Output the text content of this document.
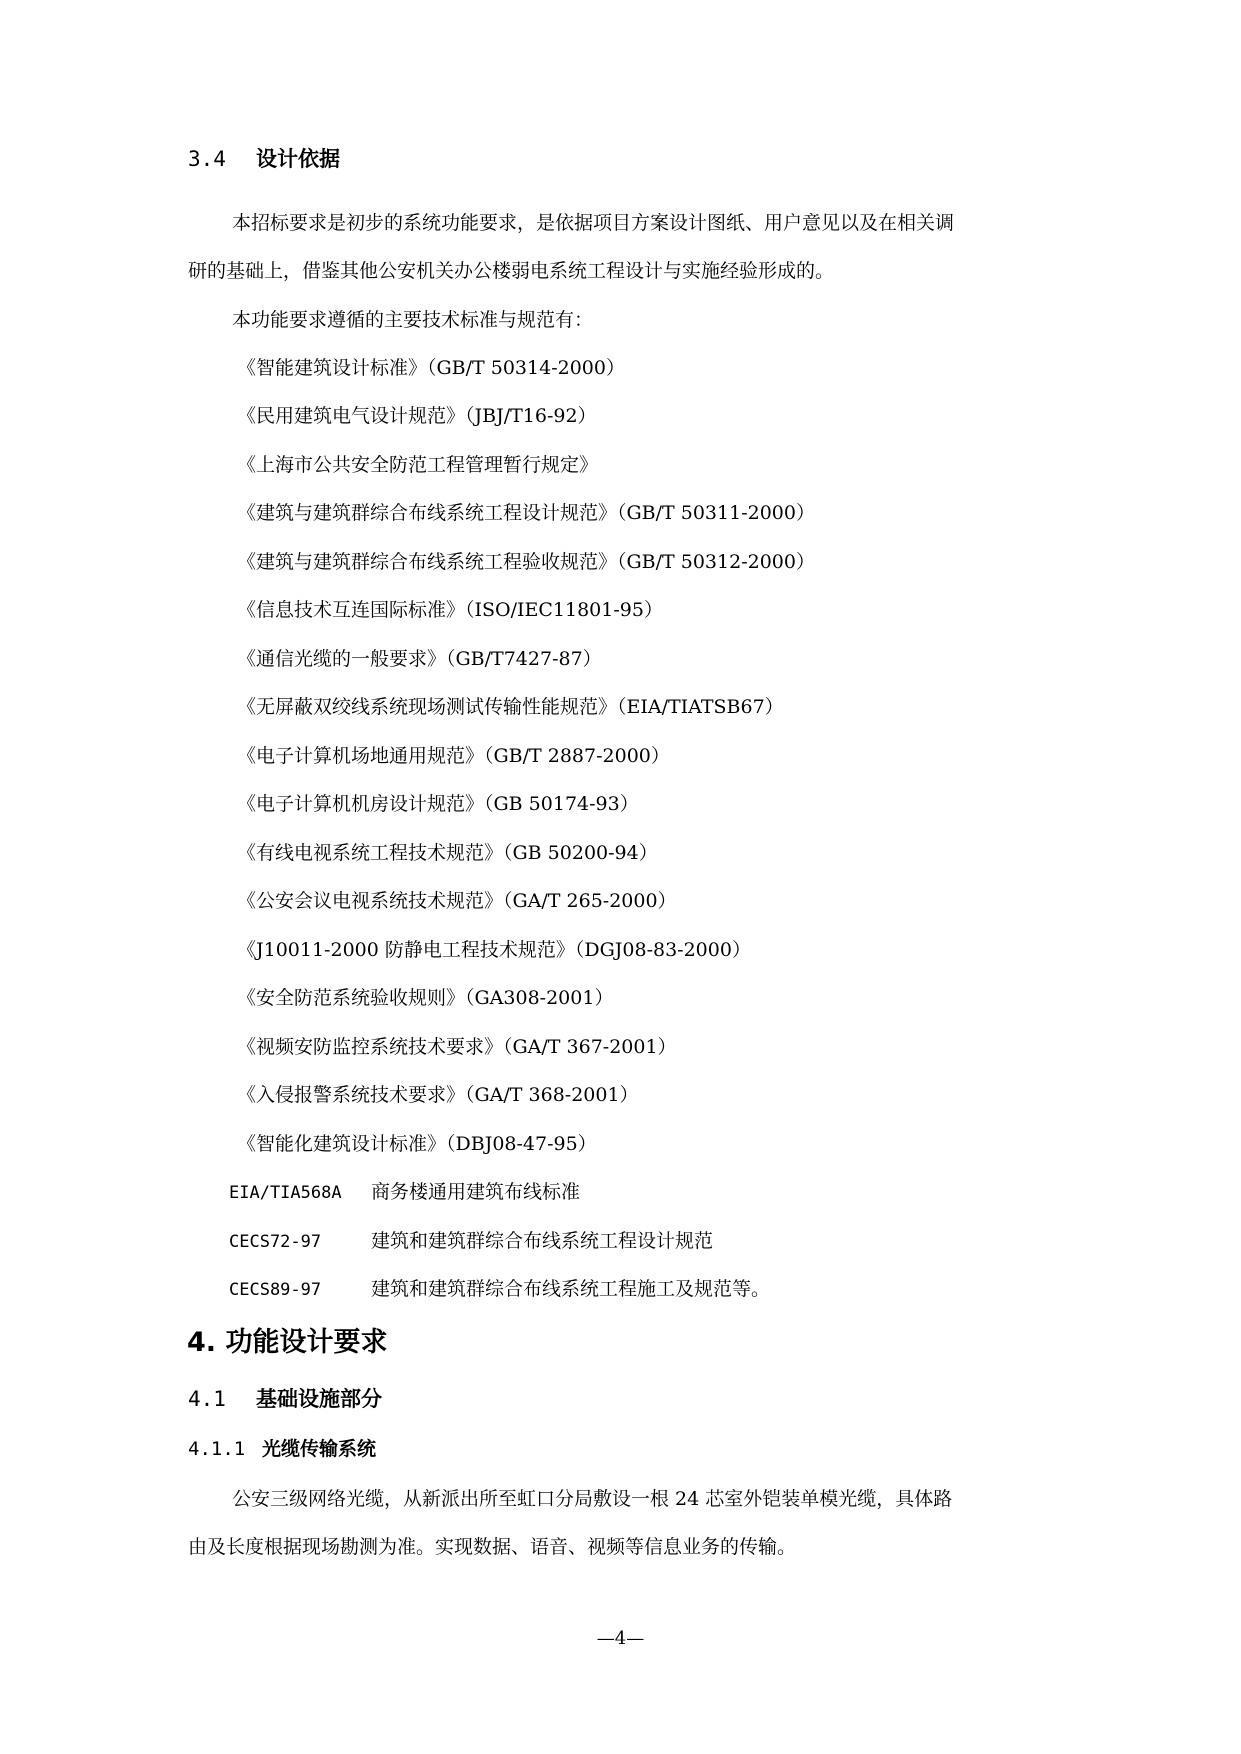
3.4 设计依据
本招标要求是初步的系统功能要求，是依据项目方案设计图纸、用户意见以及在相关调
研的基础上，借鉴其他公安机关办公楼弱电系统工程设计与实施经验形成的。
本功能要求遵循的主要技术标准与规范有：
《智能建筑设计标准》（GB/T 50314-2000）
《民用建筑电气设计规范》（JBJ/T16-92）
《上海市公共安全防范工程管理暂行规定》
《建筑与建筑群综合布线系统工程设计规范》（GB/T 50311-2000）
《建筑与建筑群综合布线系统工程验收规范》（GB/T 50312-2000）
《信息技术互连国际标准》（ISO/IEC11801-95）
《通信光缆的一般要求》（GB/T7427-87）
《无屏蔽双绞线系统现场测试传输性能规范》（EIA/TIATSB67）
《电子计算机场地通用规范》（GB/T 2887-2000）
《电子计算机机房设计规范》（GB 50174-93）
《有线电视系统工程技术规范》（GB 50200-94）
《公安会议电视系统技术规范》（GA/T 265-2000）
《J10011-2000 防静电工程技术规范》（DGJ08-83-2000）
《安全防范系统验收规则》（GA308-2001）
《视频安防监控系统技术要求》（GA/T 367-2001）
《入侵报警系统技术要求》（GA/T 368-2001）
《智能化建筑设计标准》（DBJ08-47-95）
EIA/TIA568A 商务楼通用建筑布线标准
CECS72-97	建筑和建筑群综合布线系统工程设计规范
CECS89-97	建筑和建筑群综合布线系统工程施工及规范等。
4. 功能设计要求
4.1 基础设施部分
4.1.1 光缆传输系统
公安三级网络光缆，从新派出所至虹口分局敷设一根 24 芯室外铠装单模光缆，具体路
由及长度根据现场勘测为准。实现数据、语音、视频等信息业务的传输。
—4—
